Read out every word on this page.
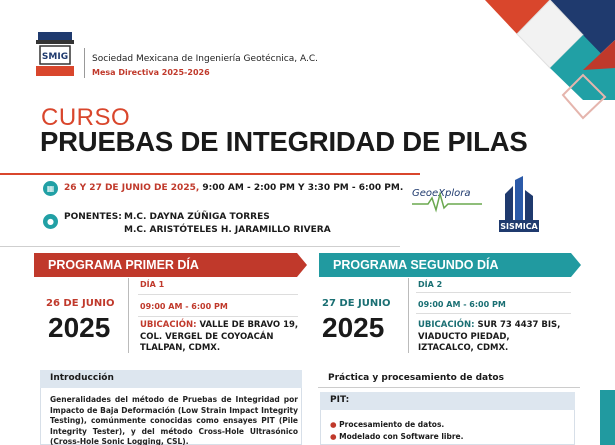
SMIG	Sociedad Mexicana de Ingeniería Geotécnica, A.C.
Mesa Directiva 2025-2026
CURSO
PRUEBAS DE INTEGRIDAD DE PILAS
▦	26 Y 27 DE JUNIO DE 2025, 9:00 AM - 2:00 PM Y 3:30 PM - 6:00 PM.
●	PONENTES: M.C. DAYNA ZÚÑIGA TORRES
M.C. ARISTÓTELES H. JARAMILLO RIVERA
GeoeXplora
SISMICA
PROGRAMA PRIMER DÍA	PROGRAMA SEGUNDO DÍA
26 DE JUNIO
2025
DÍA 1
09:00 AM - 6:00 PM
UBICACIÓN: VALLE DE BRAVO 19,
COL. VERGEL DE COYOACÁN
TLALPAN, CDMX.
27 DE JUNIO
2025
DÍA 2
09:00 AM - 6:00 PM
UBICACIÓN: SUR 73 4437 BIS,
VIADUCTO PIEDAD,
IZTACALCO, CDMX.
Introducción
Generalidades del método de Pruebas de Integridad por Impacto de Baja Deformación (Low Strain Impact Integrity Testing), comúnmente conocidas como ensayes PIT (Pile Integrity Tester), y del método Cross-Hole Ultrasónico (Cross-Hole Sonic Logging, CSL).
Práctica y procesamiento de datos
PIT:
● Procesamiento de datos.
● Modelado con Software libre.
